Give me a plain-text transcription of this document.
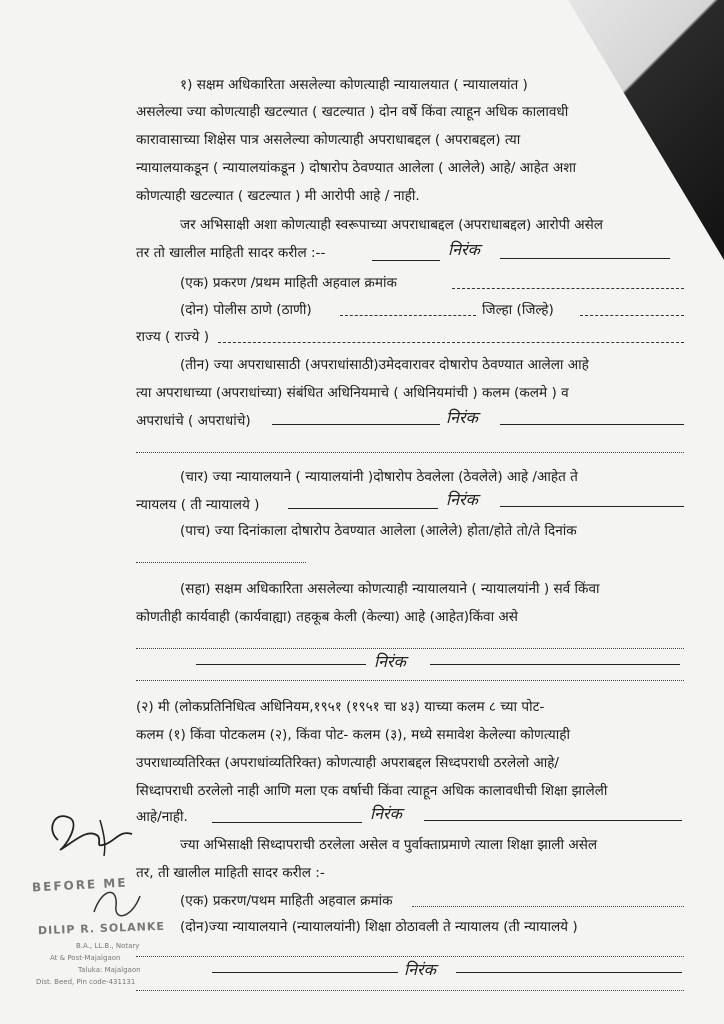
१) सक्षम अधिकारिता असलेल्या कोणत्याही न्यायालयात ( न्यायालयांत )
असलेल्या ज्या कोणत्याही खटल्यात ( खटल्यात ) दोन वर्षे किंवा त्याहून अधिक कालावधी
कारावासाच्या शिक्षेस पात्र असलेल्या कोणत्याही अपराधाबद्दल ( अपराबद्दल) त्या
न्यायालयाकडून ( न्यायालयांकडून ) दोषारोप ठेवण्यात आलेला ( आलेले) आहे/ आहेत अशा
कोणत्याही खटल्यात ( खटल्यात ) मी आरोपी आहे / नाही.
जर अभिसाक्षी अशा कोणत्याही स्वरूपाच्या अपराधाबद्दल (अपराधाबद्दल) आरोपी असेल
तर तो खालील माहिती सादर करील :--	निरंक
(एक) प्रकरण /प्रथम माहिती अहवाल क्रमांक
(दोन) पोलीस ठाणे (ठाणी)	जिल्हा (जिल्हे)
राज्य ( राज्ये )
(तीन) ज्या अपराधासाठी (अपराधांसाठी)उमेदवारावर दोषारोप ठेवण्यात आलेला आहे
त्या अपराधाच्या (अपराधांच्या) संबंधित अधिनियमाचे ( अधिनियमांची ) कलम (कलमे ) व
अपराधांचे ( अपराधांचे)	निरंक
(चार) ज्या न्यायालयाने ( न्यायालयांनी )दोषारोप ठेवलेला (ठेवलेले) आहे /आहेत ते
न्यायलय ( ती न्यायालये )	निरंक
(पाच) ज्या दिनांकाला दोषारोप ठेवण्यात आलेला (आलेले) होता/होते तो/ते दिनांक
(सहा) सक्षम अधिकारिता असलेल्या कोणत्याही न्यायालयाने ( न्यायालयांनी ) सर्व किंवा
कोणतीही कार्यवाही (कार्यवाह्या) तहकूब केली (केल्या) आहे (आहेत)किंवा असे
निरंक
(२) मी (लोकप्रतिनिधित्व अधिनियम,१९५१ (१९५१ चा ४३) याच्या कलम ८ च्या पोट-
कलम (१) किंवा पोटकलम (२), किंवा पोट- कलम (३), मध्ये समावेश केलेल्या कोणत्याही
उपराधाव्यतिरिक्त (अपराधांव्यतिरिक्त) कोणत्याही अपराबद्दल सिध्दपराधी ठरलेलो आहे/
सिध्दापराधी ठरलेलो नाही आणि मला एक वर्षाची किंवा त्याहून अधिक कालावधीची शिक्षा झालेली
आहे/नाही.	निरंक
ज्या अभिसाक्षी सिध्दापराची ठरलेला असेल व पुर्वाक्ताप्रमाणे त्याला शिक्षा झाली असेल
तर, ती खालील माहिती सादर करील :-
(एक) प्रकरण/पथम माहिती अहवाल क्रमांक
(दोन)ज्या न्यायालयाने (न्यायालयांनी) शिक्षा ठोठावली ते न्यायालय (ती न्यायालये )
निरंक
BEFORE ME
DILIP R. SOLANKE
B.A., LL.B., Notary
At & Post-Majalgaon
Taluka: Majalgaon
Dist. Beed, Pin code-431131
